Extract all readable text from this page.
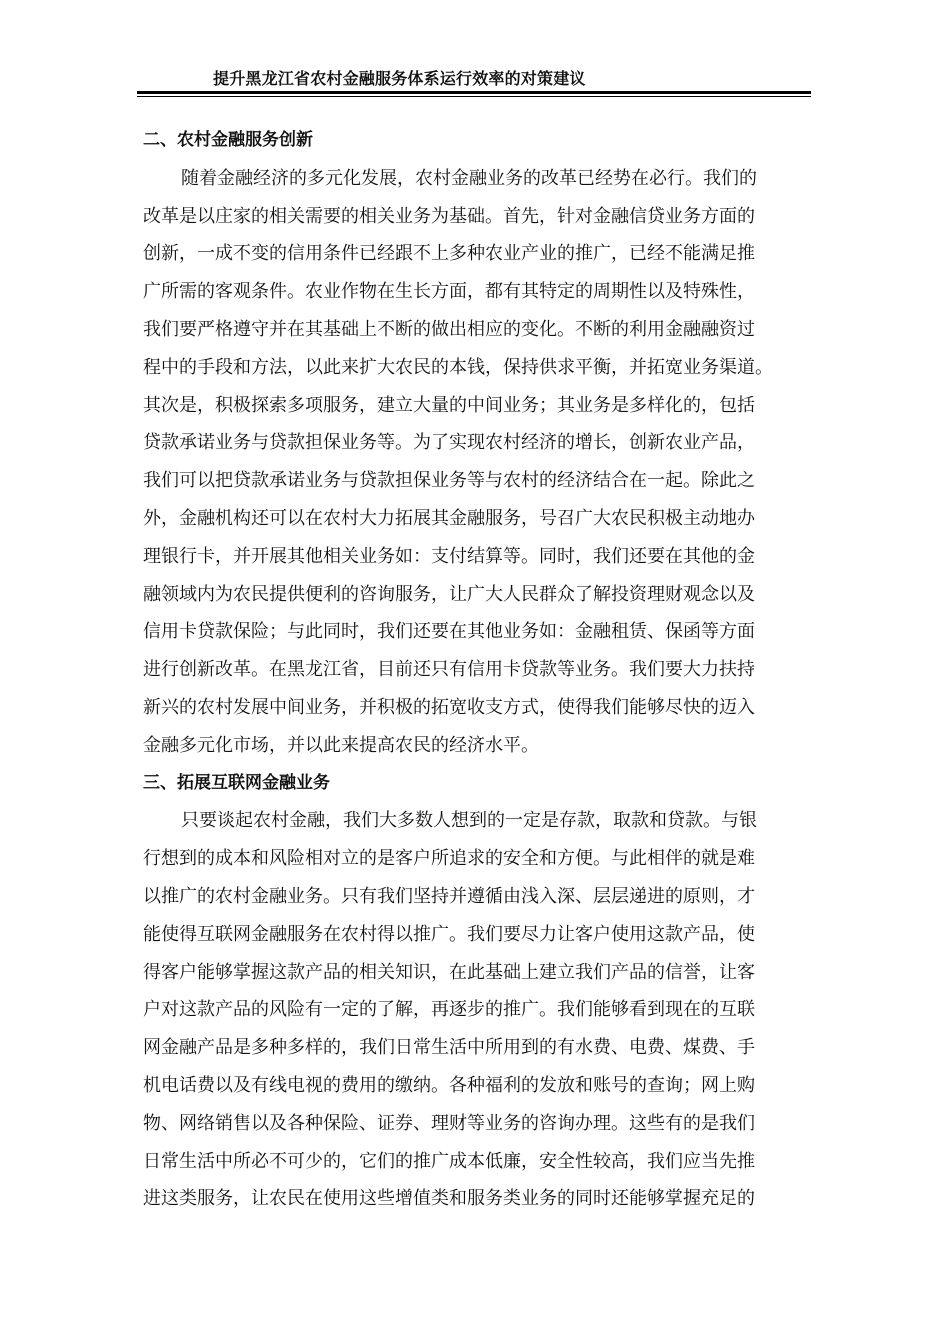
提升黑龙江省农村金融服务体系运行效率的对策建议
二、农村金融服务创新
随着金融经济的多元化发展，农村金融业务的改革已经势在必行。我们的
改革是以庄家的相关需要的相关业务为基础。首先，针对金融信贷业务方面的
创新，一成不变的信用条件已经跟不上多种农业产业的推广，已经不能满足推
广所需的客观条件。农业作物在生长方面，都有其特定的周期性以及特殊性，
我们要严格遵守并在其基础上不断的做出相应的变化。不断的利用金融融资过
程中的手段和方法，以此来扩大农民的本钱，保持供求平衡，并拓宽业务渠道。
其次是，积极探索多项服务，建立大量的中间业务；其业务是多样化的，包括
贷款承诺业务与贷款担保业务等。为了实现农村经济的增长，创新农业产品，
我们可以把贷款承诺业务与贷款担保业务等与农村的经济结合在一起。除此之
外，金融机构还可以在农村大力拓展其金融服务，号召广大农民积极主动地办
理银行卡，并开展其他相关业务如：支付结算等。同时，我们还要在其他的金
融领域内为农民提供便利的咨询服务，让广大人民群众了解投资理财观念以及
信用卡贷款保险；与此同时，我们还要在其他业务如：金融租赁、保函等方面
进行创新改革。在黑龙江省，目前还只有信用卡贷款等业务。我们要大力扶持
新兴的农村发展中间业务，并积极的拓宽收支方式，使得我们能够尽快的迈入
金融多元化市场，并以此来提高农民的经济水平。
三、拓展互联网金融业务
只要谈起农村金融，我们大多数人想到的一定是存款，取款和贷款。与银
行想到的成本和风险相对立的是客户所追求的安全和方便。与此相伴的就是难
以推广的农村金融业务。只有我们坚持并遵循由浅入深、层层递进的原则，才
能使得互联网金融服务在农村得以推广。我们要尽力让客户使用这款产品，使
得客户能够掌握这款产品的相关知识，在此基础上建立我们产品的信誉，让客
户对这款产品的风险有一定的了解，再逐步的推广。我们能够看到现在的互联
网金融产品是多种多样的，我们日常生活中所用到的有水费、电费、煤费、手
机电话费以及有线电视的费用的缴纳。各种福利的发放和账号的查询；网上购
物、网络销售以及各种保险、证券、理财等业务的咨询办理。这些有的是我们
日常生活中所必不可少的，它们的推广成本低廉，安全性较高，我们应当先推
进这类服务，让农民在使用这些增值类和服务类业务的同时还能够掌握充足的
